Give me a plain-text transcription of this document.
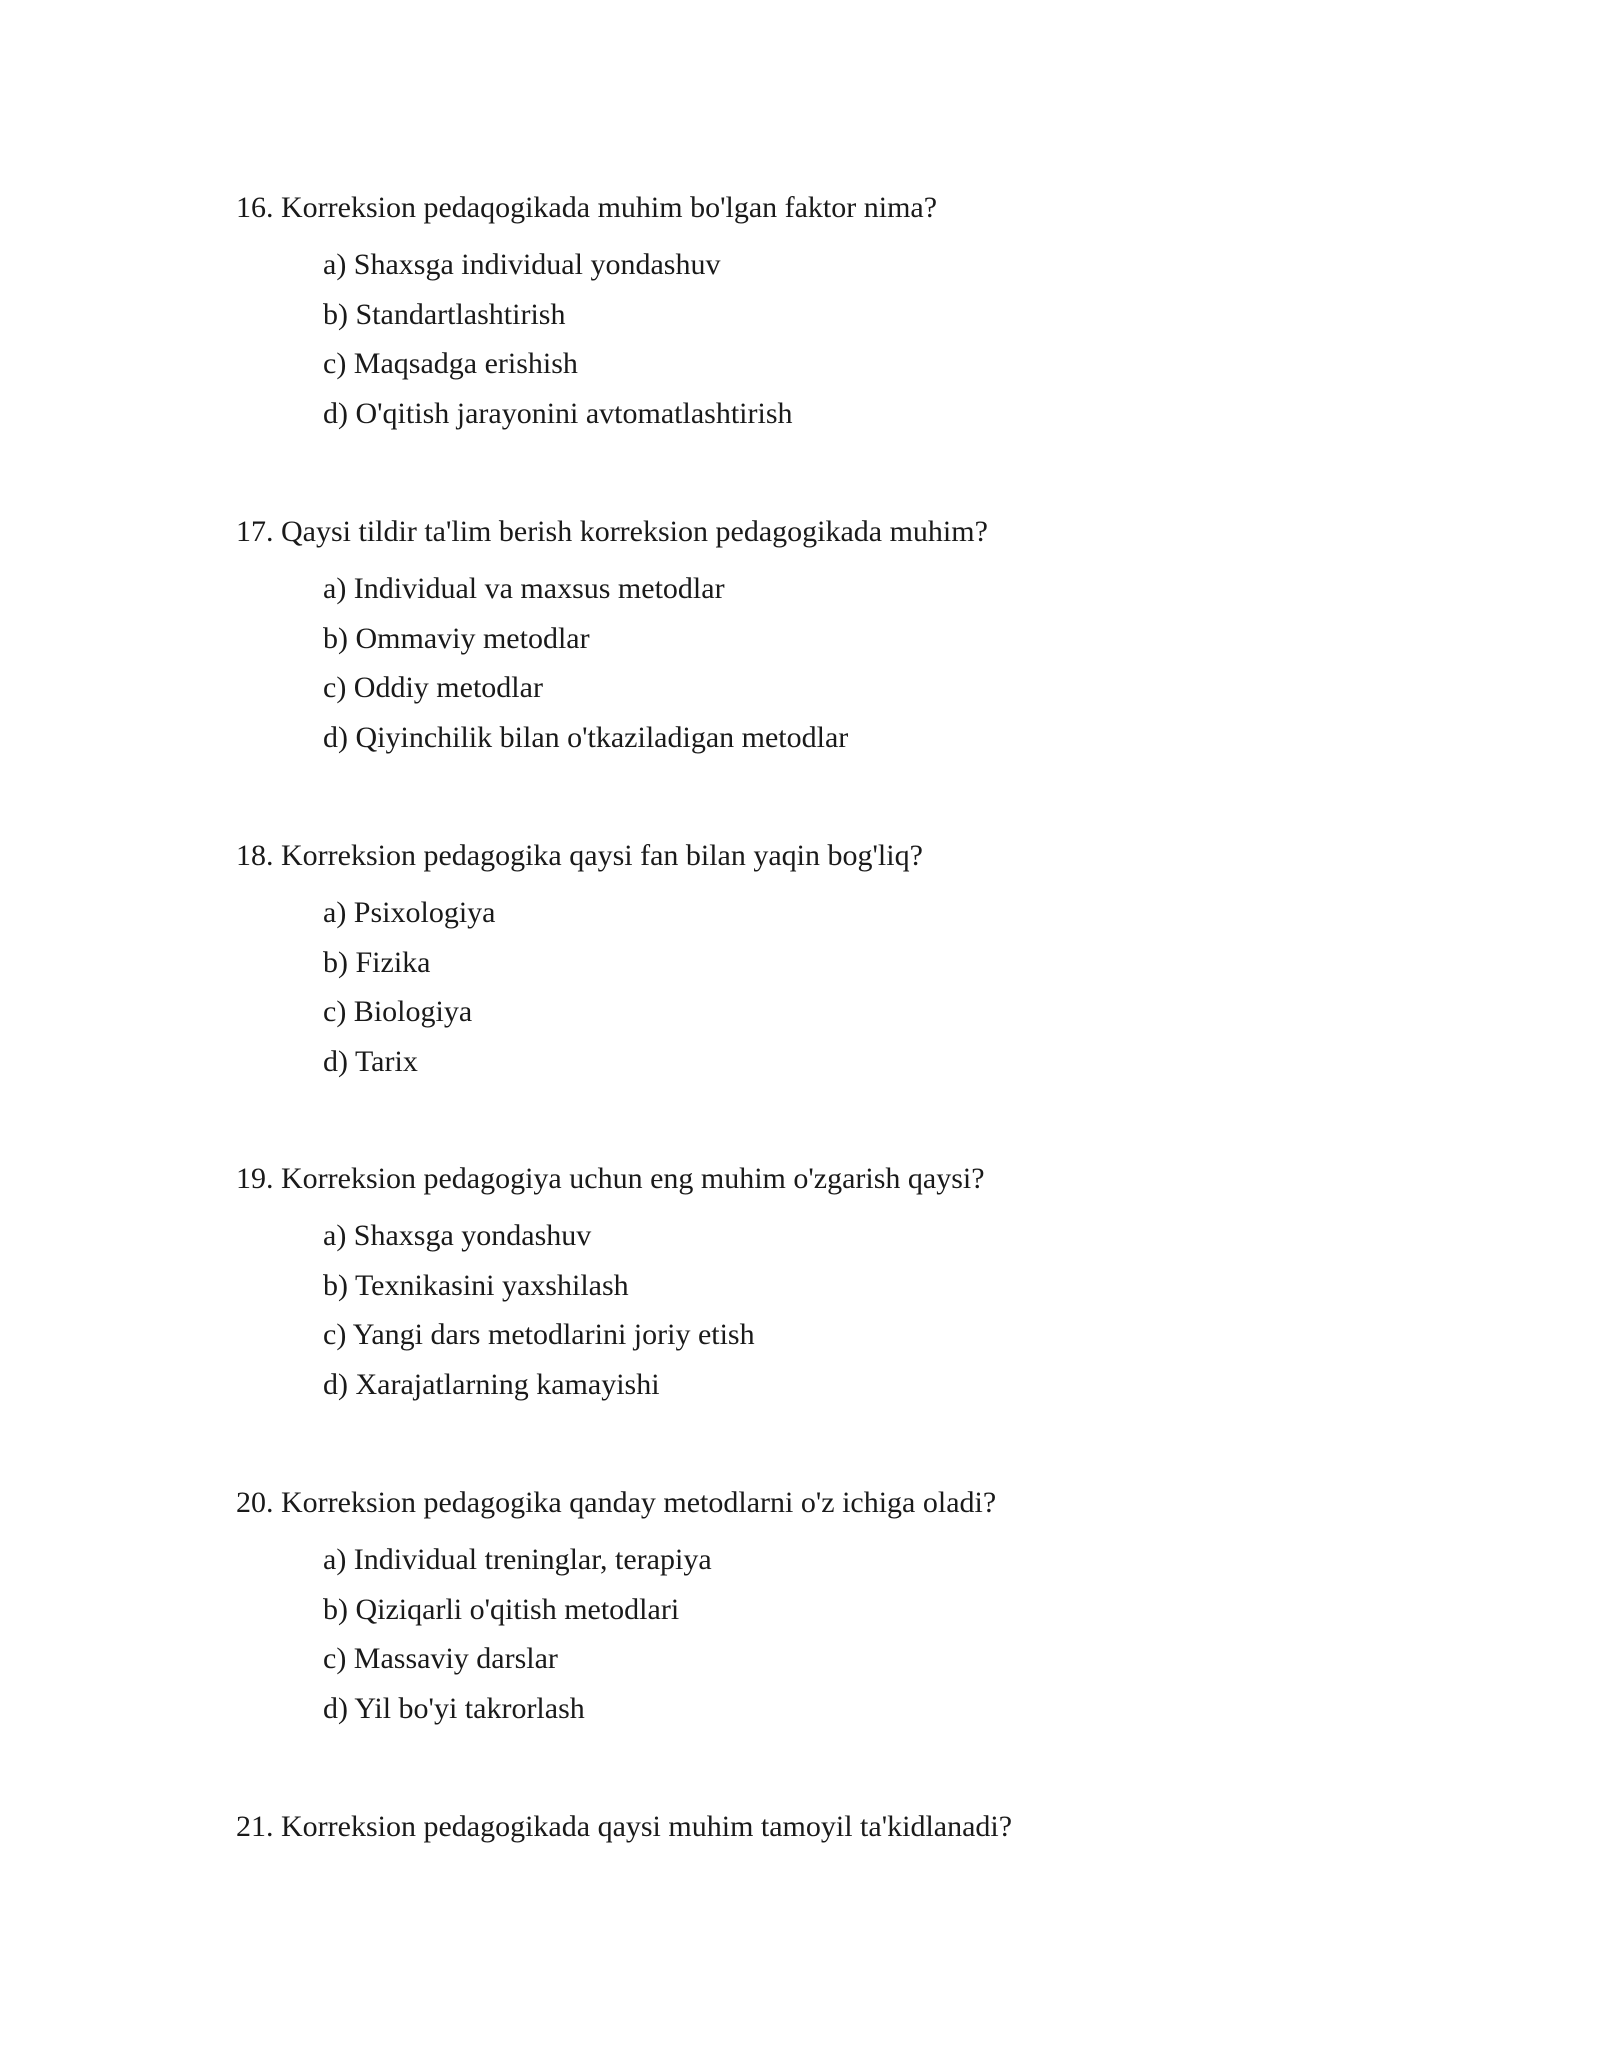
16. Korreksion pedaqogikada muhim bo'lgan faktor nima?

a) Shaxsga individual yondashuv
b) Standartlashtirish
c) Maqsadga erishish
d) O'qitish jarayonini avtomatlashtirish

17. Qaysi tildir ta'lim berish korreksion pedagogikada muhim?

a) Individual va maxsus metodlar
b) Ommaviy metodlar
c) Oddiy metodlar
d) Qiyinchilik bilan o'tkaziladigan metodlar

18. Korreksion pedagogika qaysi fan bilan yaqin bog'liq?

a) Psixologiya
b) Fizika
c) Biologiya
d) Tarix

19. Korreksion pedagogiya uchun eng muhim o'zgarish qaysi?

a) Shaxsga yondashuv
b) Texnikasini yaxshilash
c) Yangi dars metodlarini joriy etish
d) Xarajatlarning kamayishi

20. Korreksion pedagogika qanday metodlarni o'z ichiga oladi?

a) Individual treninglar, terapiya
b) Qiziqarli o'qitish metodlari
c) Massaviy darslar
d) Yil bo'yi takrorlash

21. Korreksion pedagogikada qaysi muhim tamoyil ta'kidlanadi?
